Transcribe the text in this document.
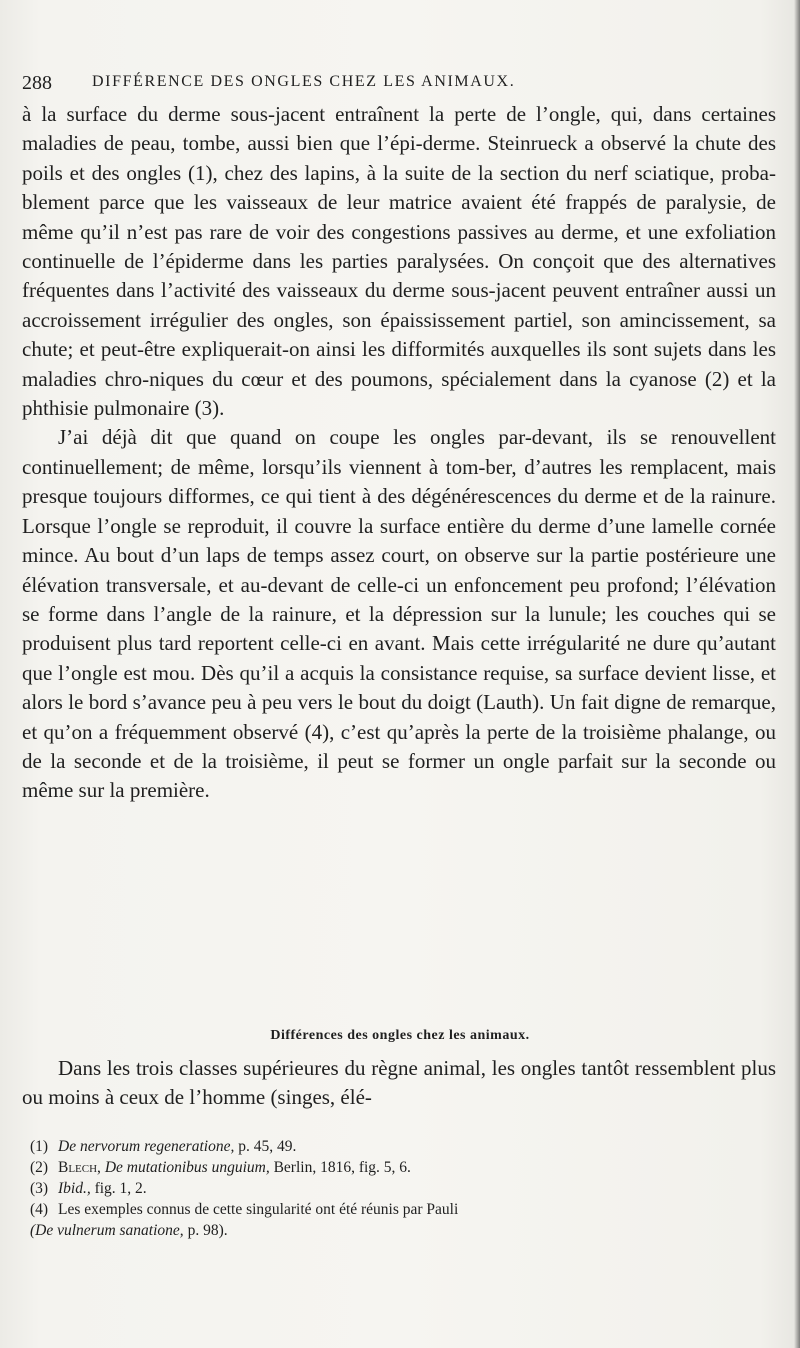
288	DIFFÉRENCE DES ONGLES CHEZ LES ANIMAUX.

à la surface du derme sous-jacent entraînent la perte de l’ongle, qui, dans certaines maladies de peau, tombe, aussi bien que l’épi-derme. Steinrueck a observé la chute des poils et des ongles (1), chez des lapins, à la suite de la section du nerf sciatique, proba-blement parce que les vaisseaux de leur matrice avaient été frappés de paralysie, de même qu’il n’est pas rare de voir des congestions passives au derme, et une exfoliation continuelle de l’épiderme dans les parties paralysées. On conçoit que des alternatives fréquentes dans l’activité des vaisseaux du derme sous-jacent peuvent entraîner aussi un accroissement irrégulier des ongles, son épaississement partiel, son amincissement, sa chute; et peut-être expliquerait-on ainsi les difformités auxquelles ils sont sujets dans les maladies chro-niques du cœur et des poumons, spécialement dans la cyanose (2) et la phthisie pulmonaire (3).

J’ai déjà dit que quand on coupe les ongles par-devant, ils se renouvellent continuellement; de même, lorsqu’ils viennent à tom-ber, d’autres les remplacent, mais presque toujours difformes, ce qui tient à des dégénérescences du derme et de la rainure. Lorsque l’ongle se reproduit, il couvre la surface entière du derme d’une lamelle cornée mince. Au bout d’un laps de temps assez court, on observe sur la partie postérieure une élévation transversale, et au-devant de celle-ci un enfoncement peu profond; l’élévation se forme dans l’angle de la rainure, et la dépression sur la lunule; les couches qui se produisent plus tard reportent celle-ci en avant. Mais cette irrégularité ne dure qu’autant que l’ongle est mou. Dès qu’il a acquis la consistance requise, sa surface devient lisse, et alors le bord s’avance peu à peu vers le bout du doigt (Lauth). Un fait digne de remarque, et qu’on a fréquemment observé (4), c’est qu’après la perte de la troisième phalange, ou de la seconde et de la troisième, il peut se former un ongle parfait sur la seconde ou même sur la première.

Différences des ongles chez les animaux.

Dans les trois classes supérieures du règne animal, les ongles tantôt ressemblent plus ou moins à ceux de l’homme (singes, élé-

(1) De nervorum regeneratione, p. 45, 49.
(2) Blech, De mutationibus unguium, Berlin, 1816, fig. 5, 6.
(3) Ibid., fig. 1, 2.
(4) Les exemples connus de cette singularité ont été réunis par Pauli
(De vulnerum sanatione, p. 98).
